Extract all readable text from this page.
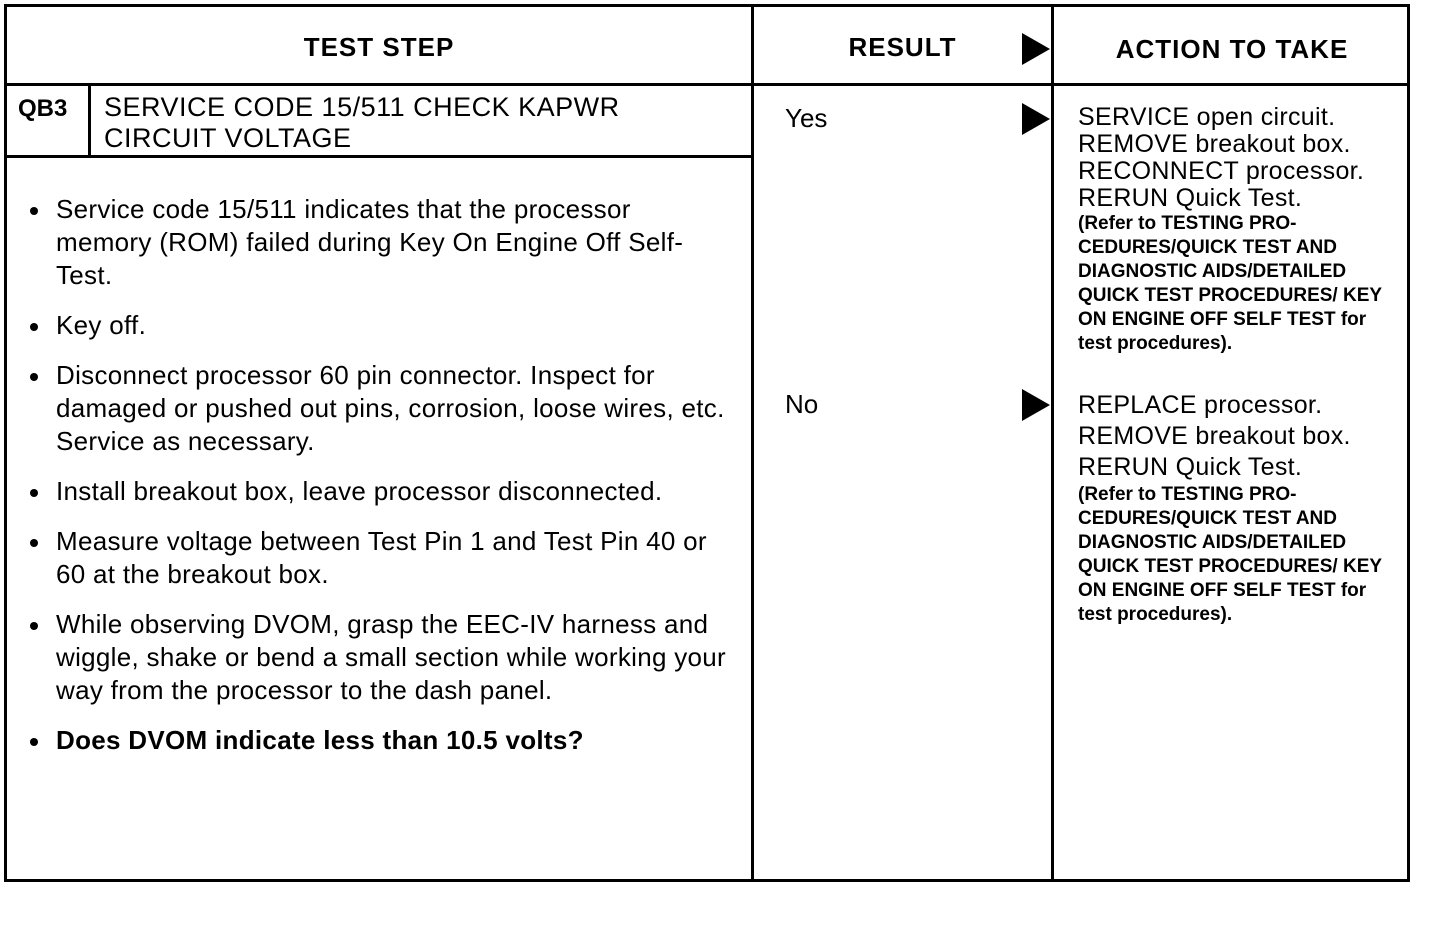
TEST STEP	RESULT	ACTION TO TAKE
QB3 SERVICE CODE 15/511 CHECK KAPWR CIRCUIT VOLTAGE
Service code 15/511 indicates that the processor memory (ROM) failed during Key On Engine Off Self-Test.
Key off.
Disconnect processor 60 pin connector. Inspect for damaged or pushed out pins, corrosion, loose wires, etc. Service as necessary.
Install breakout box, leave processor disconnected.
Measure voltage between Test Pin 1 and Test Pin 40 or 60 at the breakout box.
While observing DVOM, grasp the EEC-IV harness and wiggle, shake or bend a small section while working your way from the processor to the dash panel.
Does DVOM indicate less than 10.5 volts?
Yes
No
SERVICE open circuit. REMOVE breakout box. RECONNECT processor. RERUN Quick Test.
(Refer to TESTING PRO-CEDURES/QUICK TEST AND DIAGNOSTIC AIDS/DETAILED QUICK TEST PROCEDURES/ KEY ON ENGINE OFF SELF TEST for test procedures).
REPLACE processor. REMOVE breakout box. RERUN Quick Test.
(Refer to TESTING PRO-CEDURES/QUICK TEST AND DIAGNOSTIC AIDS/DETAILED QUICK TEST PROCEDURES/ KEY ON ENGINE OFF SELF TEST for test procedures).
